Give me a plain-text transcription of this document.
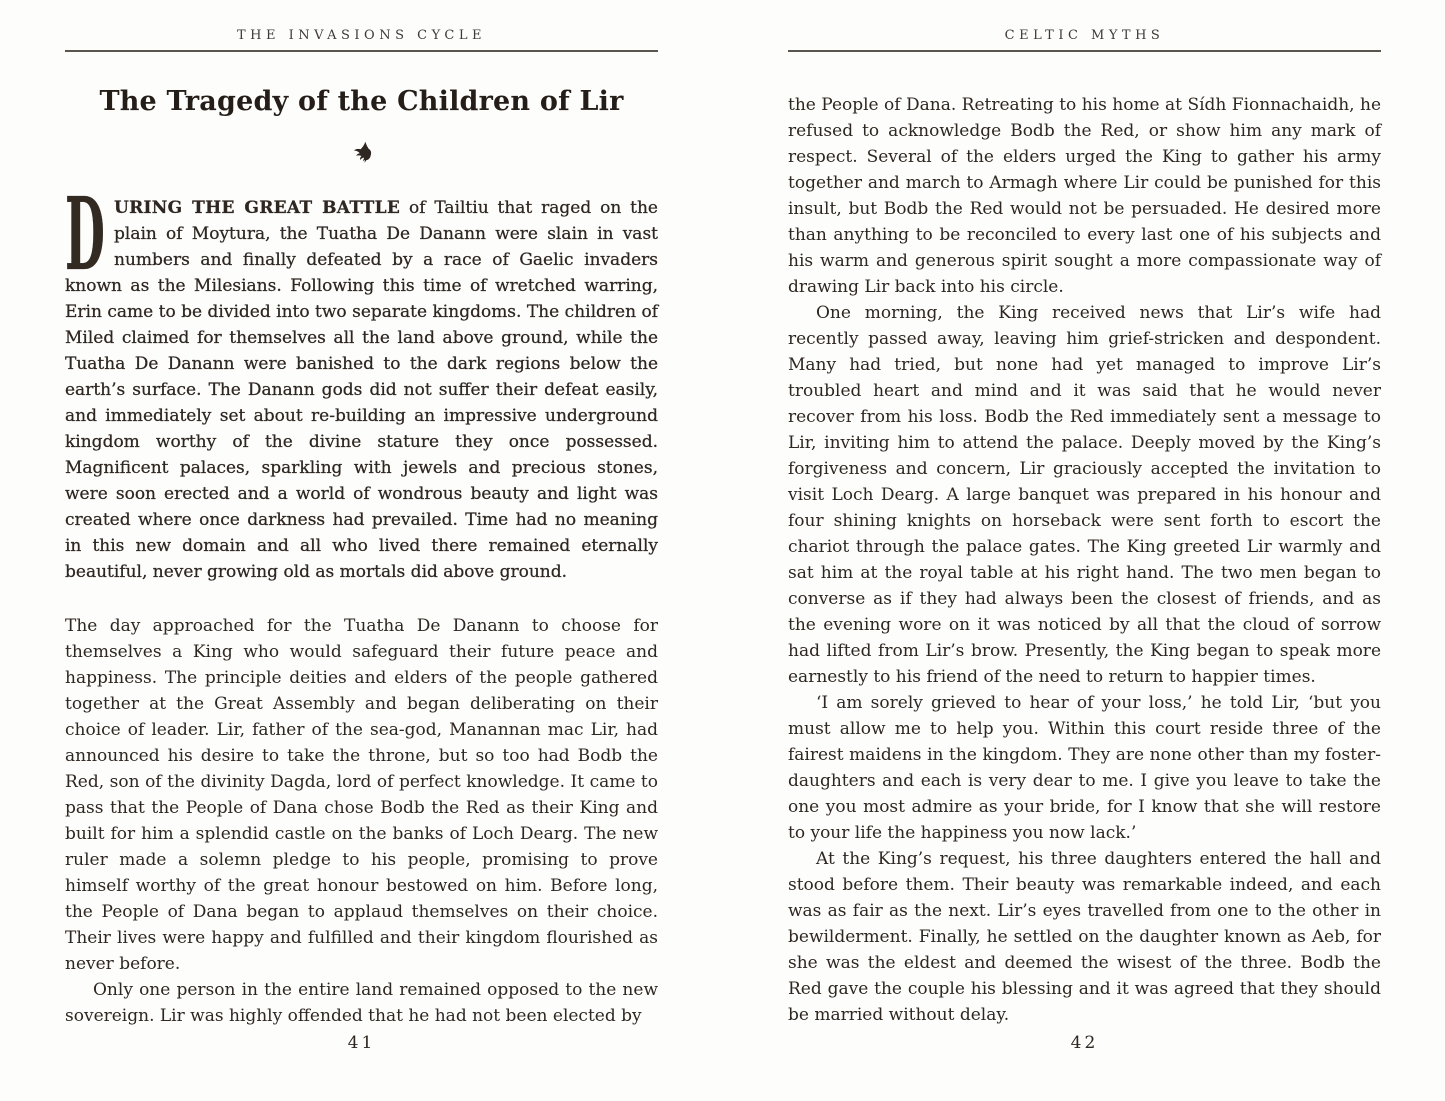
THE INVASIONS CYCLE
The Tragedy of the Children of Lir

D URING THE GREAT BATTLE of Tailtiu that raged on the plain of Moytura, the Tuatha De Danann were slain in vast numbers and finally defeated by a race of Gaelic invaders known as the Milesians. Following this time of wretched warring, Erin came to be divided into two separate kingdoms. The children of Miled claimed for themselves all the land above ground, while the Tuatha De Danann were banished to the dark regions below the earth’s surface. The Danann gods did not suffer their defeat easily, and immediately set about re-building an impressive underground kingdom worthy of the divine stature they once possessed. Magnificent palaces, sparkling with jewels and precious stones, were soon erected and a world of wondrous beauty and light was created where once darkness had prevailed. Time had no meaning in this new domain and all who lived there remained eternally beautiful, never growing old as mortals did above ground.

The day approached for the Tuatha De Danann to choose for themselves a King who would safeguard their future peace and happiness. The principle deities and elders of the people gathered together at the Great Assembly and began deliberating on their choice of leader. Lir, father of the sea-god, Manannan mac Lir, had announced his desire to take the throne, but so too had Bodb the Red, son of the divinity Dagda, lord of perfect knowledge. It came to pass that the People of Dana chose Bodb the Red as their King and built for him a splendid castle on the banks of Loch Dearg. The new ruler made a solemn pledge to his people, promising to prove himself worthy of the great honour bestowed on him. Before long, the People of Dana began to applaud themselves on their choice. Their lives were happy and fulfilled and their kingdom flourished as never before.

Only one person in the entire land remained opposed to the new sovereign. Lir was highly offended that he had not been elected by

41
CELTIC MYTHS

the People of Dana. Retreating to his home at Sídh Fionnachaidh, he refused to acknowledge Bodb the Red, or show him any mark of respect. Several of the elders urged the King to gather his army together and march to Armagh where Lir could be punished for this insult, but Bodb the Red would not be persuaded. He desired more than anything to be reconciled to every last one of his subjects and his warm and generous spirit sought a more compassionate way of drawing Lir back into his circle.

One morning, the King received news that Lir’s wife had recently passed away, leaving him grief-stricken and despondent. Many had tried, but none had yet managed to improve Lir’s troubled heart and mind and it was said that he would never recover from his loss. Bodb the Red immediately sent a message to Lir, inviting him to attend the palace. Deeply moved by the King’s forgiveness and concern, Lir graciously accepted the invitation to visit Loch Dearg. A large banquet was prepared in his honour and four shining knights on horseback were sent forth to escort the chariot through the palace gates. The King greeted Lir warmly and sat him at the royal table at his right hand. The two men began to converse as if they had always been the closest of friends, and as the evening wore on it was noticed by all that the cloud of sorrow had lifted from Lir’s brow. Presently, the King began to speak more earnestly to his friend of the need to return to happier times.

‘I am sorely grieved to hear of your loss,’ he told Lir, ‘but you must allow me to help you. Within this court reside three of the fairest maidens in the kingdom. They are none other than my foster-daughters and each is very dear to me. I give you leave to take the one you most admire as your bride, for I know that she will restore to your life the happiness you now lack.’

At the King’s request, his three daughters entered the hall and stood before them. Their beauty was remarkable indeed, and each was as fair as the next. Lir’s eyes travelled from one to the other in bewilderment. Finally, he settled on the daughter known as Aeb, for she was the eldest and deemed the wisest of the three. Bodb the Red gave the couple his blessing and it was agreed that they should be married without delay.

42
